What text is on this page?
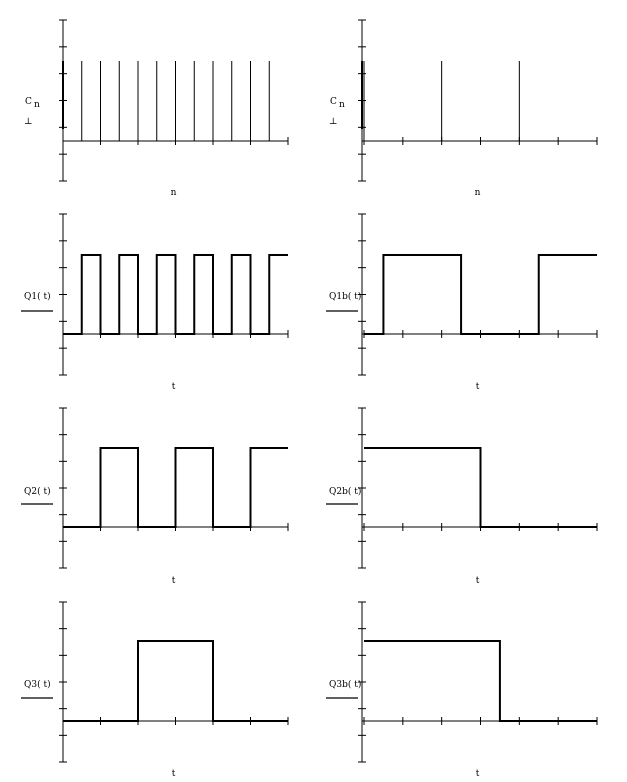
C n
⊥
n
C n
⊥
n
Q1( t)
t
Q1b( t)
t
Q2( t)
t
Q2b( t)
t
Q3( t)
t
Q3b( t)
t
